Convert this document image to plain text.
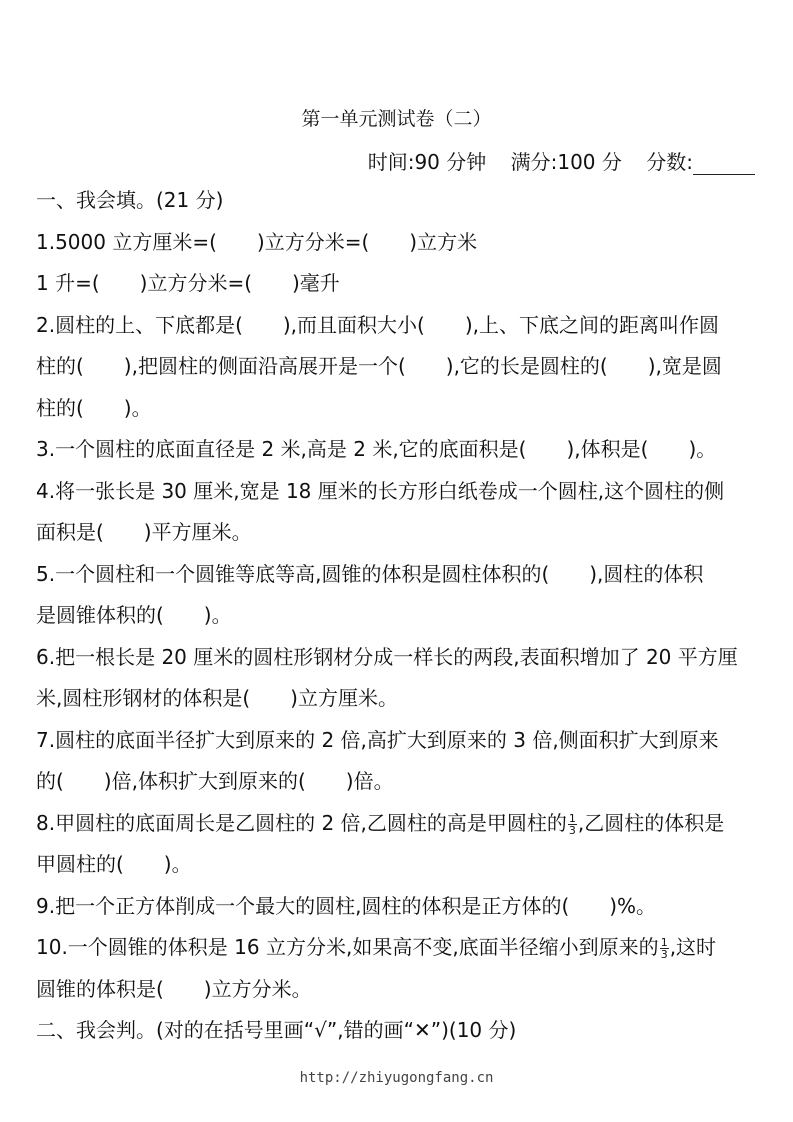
第一单元测试卷（二）
时间:90 分钟 满分:100 分 分数:
一、我会填。(21 分)
1.5000 立方厘米=(　　)立方分米=(　　)立方米
1 升=(　　)立方分米=(　　)毫升
2.圆柱的上、下底都是(　　),而且面积大小(　　),上、下底之间的距离叫作圆
柱的(　　),把圆柱的侧面沿高展开是一个(　　),它的长是圆柱的(　　),宽是圆
柱的(　　)。
3.一个圆柱的底面直径是 2 米,高是 2 米,它的底面积是(　　),体积是(　　)。
4.将一张长是 30 厘米,宽是 18 厘米的长方形白纸卷成一个圆柱,这个圆柱的侧
面积是(　　)平方厘米。
5.一个圆柱和一个圆锥等底等高,圆锥的体积是圆柱体积的(　　),圆柱的体积
是圆锥体积的(　　)。
6.把一根长是 20 厘米的圆柱形钢材分成一样长的两段,表面积增加了 20 平方厘
米,圆柱形钢材的体积是(　　)立方厘米。
7.圆柱的底面半径扩大到原来的 2 倍,高扩大到原来的 3 倍,侧面积扩大到原来
的(　　)倍,体积扩大到原来的(　　)倍。
8.甲圆柱的底面周长是乙圆柱的 2 倍,乙圆柱的高是甲圆柱的 $\frac{1}{3}$ ,乙圆柱的体积是
甲圆柱的(　　)。
9.把一个正方体削成一个最大的圆柱,圆柱的体积是正方体的(　　)%。
10.一个圆锥的体积是 16 立方分米,如果高不变,底面半径缩小到原来的 $\frac{1}{3}$ ,这时
圆锥的体积是(　　)立方分米。
二、我会判。(对的在括号里画“√”,错的画“✕”)(10 分)
http://zhiyugongfang.cn
